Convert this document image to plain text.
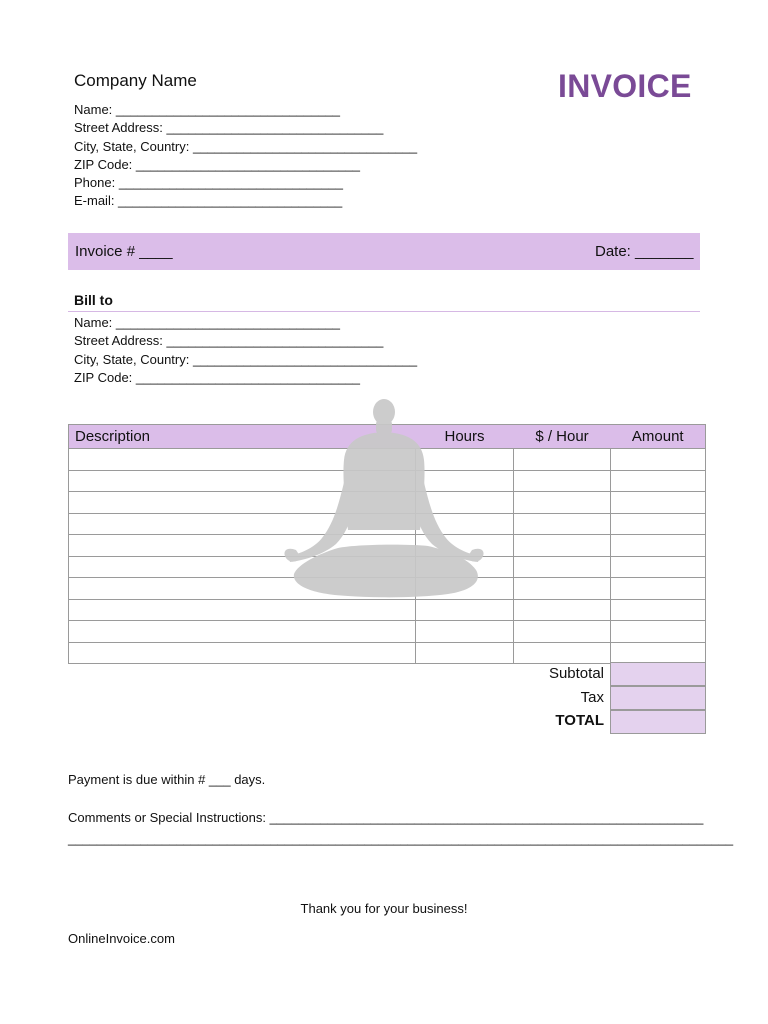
Company Name	INVOICE
Name: _______________________________
Street Address: ______________________________
City, State, Country: _______________________________
ZIP Code: _______________________________
Phone: _______________________________
E-mail: _______________________________
Invoice # ____	Date: _______
Bill to
Name: _______________________________
Street Address: ______________________________
City, State, Country: _______________________________
ZIP Code: _______________________________
Description	Hours	$ / Hour	Amount

Subtotal
Tax
TOTAL
Payment is due within # ___ days.
Comments or Special Instructions: ____________________________________________________________
____________________________________________________________________________________________
Thank you for your business!
OnlineInvoice.com
